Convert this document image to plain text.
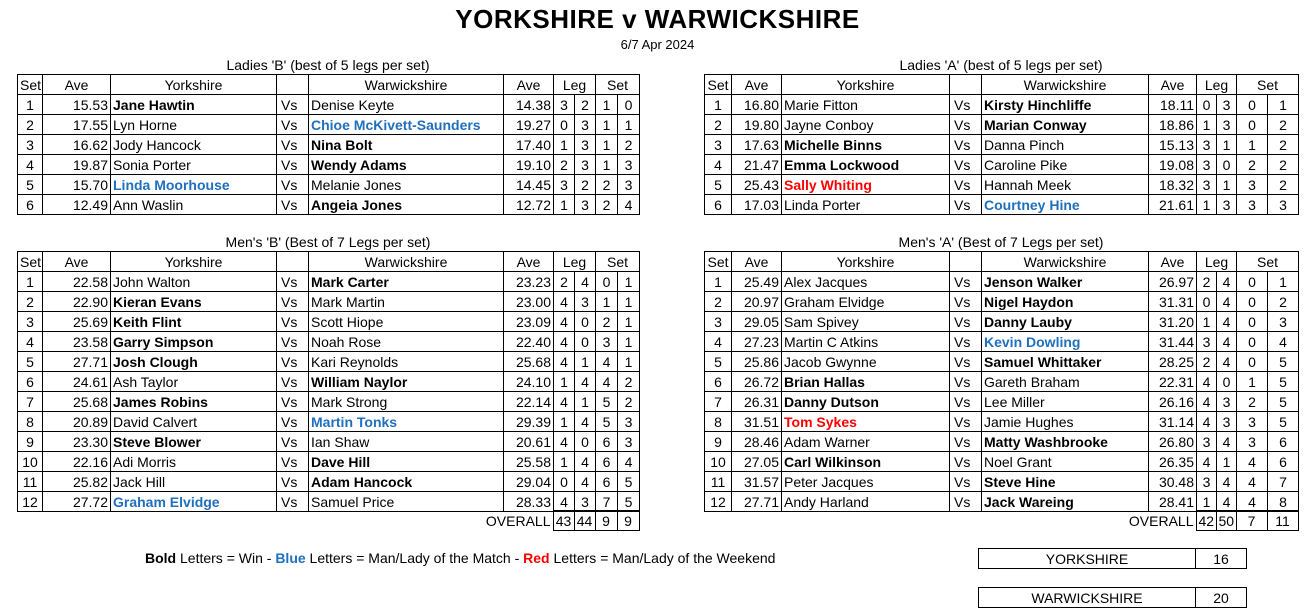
YORKSHIRE v WARWICKSHIRE
6/7 Apr 2024
Ladies 'B' (best of 5 legs per set)	Ladies 'A' (best of 5 legs per set)
Men's 'B' (Best of 7 Legs per set)	Men's 'A' (Best of 7 Legs per set)
Set	Ave	Yorkshire		Warwickshire	Ave	Leg		Set	
1	15.53	Jane Hawtin	Vs	Denise Keyte	14.38	3	2	1	0
2	17.55	Lyn Horne	Vs	Chioe McKivett-Saunders	19.27	0	3	1	1
3	16.62	Jody Hancock	Vs	Nina Bolt	17.40	1	3	1	2
4	19.87	Sonia Porter	Vs	Wendy Adams	19.10	2	3	1	3
5	15.70	Linda Moorhouse	Vs	Melanie Jones	14.45	3	2	2	3
6	12.49	Ann Waslin	Vs	Angeia Jones	12.72	1	3	2	4
Set	Ave	Yorkshire		Warwickshire	Ave	Leg		Set	
1	16.80	Marie Fitton	Vs	Kirsty Hinchliffe	18.11	0	3	0	1
2	19.80	Jayne Conboy	Vs	Marian Conway	18.86	1	3	0	2
3	17.63	Michelle Binns	Vs	Danna Pinch	15.13	3	1	1	2
4	21.47	Emma Lockwood	Vs	Caroline Pike	19.08	3	0	2	2
5	25.43	Sally Whiting	Vs	Hannah Meek	18.32	3	1	3	2
6	17.03	Linda Porter	Vs	Courtney Hine	21.61	1	3	3	3
Set	Ave	Yorkshire		Warwickshire	Ave	Leg		Set	
1	22.58	John Walton	Vs	Mark Carter	23.23	2	4	0	1
2	22.90	Kieran Evans	Vs	Mark Martin	23.00	4	3	1	1
3	25.69	Keith Flint	Vs	Scott Hiope	23.09	4	0	2	1
4	23.58	Garry Simpson	Vs	Noah Rose	22.40	4	0	3	1
5	27.71	Josh Clough	Vs	Kari Reynolds	25.68	4	1	4	1
6	24.61	Ash Taylor	Vs	William Naylor	24.10	1	4	4	2
7	25.68	James Robins	Vs	Mark Strong	22.14	4	1	5	2
8	20.89	David Calvert	Vs	Martin Tonks	29.39	1	4	5	3
9	23.30	Steve Blower	Vs	Ian Shaw	20.61	4	0	6	3
10	22.16	Adi Morris	Vs	Dave Hill	25.58	1	4	6	4
11	25.82	Jack Hill	Vs	Adam Hancock	29.04	0	4	6	5
12	27.72	Graham Elvidge	Vs	Samuel Price	28.33	4	3	7	5
Set	Ave	Yorkshire		Warwickshire	Ave	Leg		Set	
1	25.49	Alex Jacques	Vs	Jenson Walker	26.97	2	4	0	1
2	20.97	Graham Elvidge	Vs	Nigel Haydon	31.31	0	4	0	2
3	29.05	Sam Spivey	Vs	Danny Lauby	31.20	1	4	0	3
4	27.23	Martin C Atkins	Vs	Kevin Dowling	31.44	3	4	0	4
5	25.86	Jacob Gwynne	Vs	Samuel Whittaker	28.25	2	4	0	5
6	26.72	Brian Hallas	Vs	Gareth Braham	22.31	4	0	1	5
7	26.31	Danny Dutson	Vs	Lee Miller	26.16	4	3	2	5
8	31.51	Tom Sykes	Vs	Jamie Hughes	31.14	4	3	3	5
9	28.46	Adam Warner	Vs	Matty Washbrooke	26.80	3	4	3	6
10	27.05	Carl Wilkinson	Vs	Noel Grant	26.35	4	1	4	6
11	31.57	Peter Jacques	Vs	Steve Hine	30.48	3	4	4	7
12	27.71	Andy Harland	Vs	Jack Wareing	28.41	1	4	4	8
OVERALL	43	44	9	9	OVERALL	42	50	7	11
Bold Letters = Win - Blue Letters = Man/Lady of the Match - Red Letters = Man/Lady of the Weekend	YORKSHIRE	16
WARWICKSHIRE	20
